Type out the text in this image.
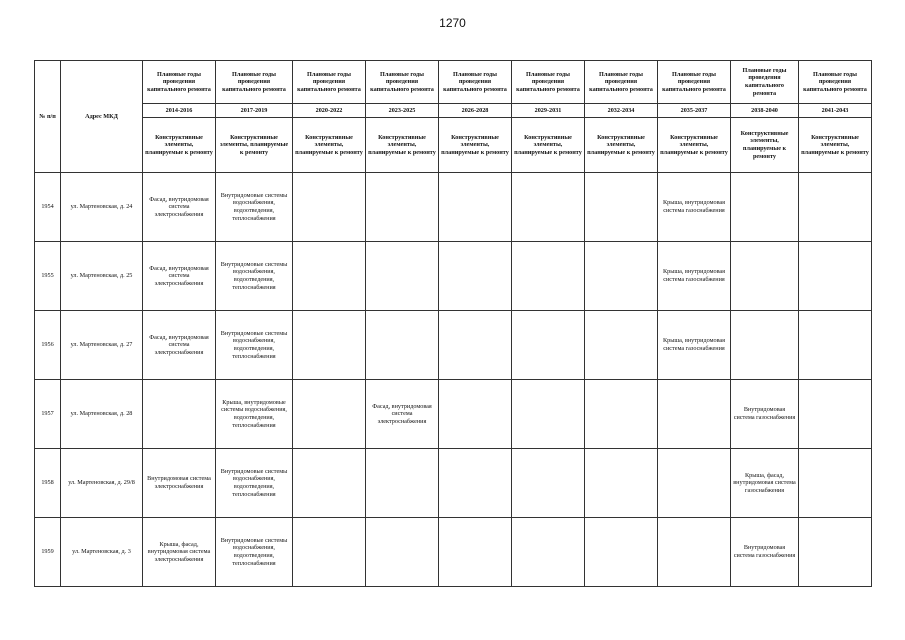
1270
№ п/п	Адрес МКД	Плановые годы проведения капитального ремонта	Плановые годы проведения капитального ремонта	Плановые годы проведения капитального ремонта	Плановые годы проведения капитального ремонта	Плановые годы проведения капитального ремонта	Плановые годы проведения капитального ремонта	Плановые годы проведения капитального ремонта	Плановые годы проведения капитального ремонта	Плановые годы проведения капитального ремонта	Плановые годы проведения капитального ремонта
		2014-2016	2017-2019	2020-2022	2023-2025	2026-2028	2029-2031	2032-2034	2035-2037	2038-2040	2041-2043
		Конструктивные элементы, планируемые к ремонту	Конструктивные элементы, планируемые к ремонту	Конструктивные элементы, планируемые к ремонту	Конструктивные элементы, планируемые к ремонту	Конструктивные элементы, планируемые к ремонту	Конструктивные элементы, планируемые к ремонту	Конструктивные элементы, планируемые к ремонту	Конструктивные элементы, планируемые к ремонту	Конструктивные элементы, планируемые к ремонту	Конструктивные элементы, планируемые к ремонту
1954	ул. Мартеновская, д. 24	Фасад, внутридомовая система электроснабжения	Внутридомовые системы водоснабжения, водоотведения, теплоснабжения						Крыша, внутридомовая система газоснабжения		
1955	ул. Мартеновская, д. 25	Фасад, внутридомовая система электроснабжения	Внутридомовые системы водоснабжения, водоотведения, теплоснабжения						Крыша, внутридомовая система газоснабжения		
1956	ул. Мартеновская, д. 27	Фасад, внутридомовая система электроснабжения	Внутридомовые системы водоснабжения, водоотведения, теплоснабжения						Крыша, внутридомовая система газоснабжения		
1957	ул. Мартеновская, д. 28		Крыша, внутридомовые системы водоснабжения, водоотведения, теплоснабжения		Фасад, внутридомовая система электроснабжения					Внутридомовая система газоснабжения	
1958	ул. Мартеновская, д. 29/8	Внутридомовая система электроснабжения	Внутридомовые системы водоснабжения, водоотведения, теплоснабжения							Крыша, фасад, внутридомовая система газоснабжения	
1959	ул. Мартеновская, д. 3	Крыша, фасад, внутридомовая система электроснабжения	Внутридомовые системы водоснабжения, водоотведения, теплоснабжения							Внутридомовая система газоснабжения	
